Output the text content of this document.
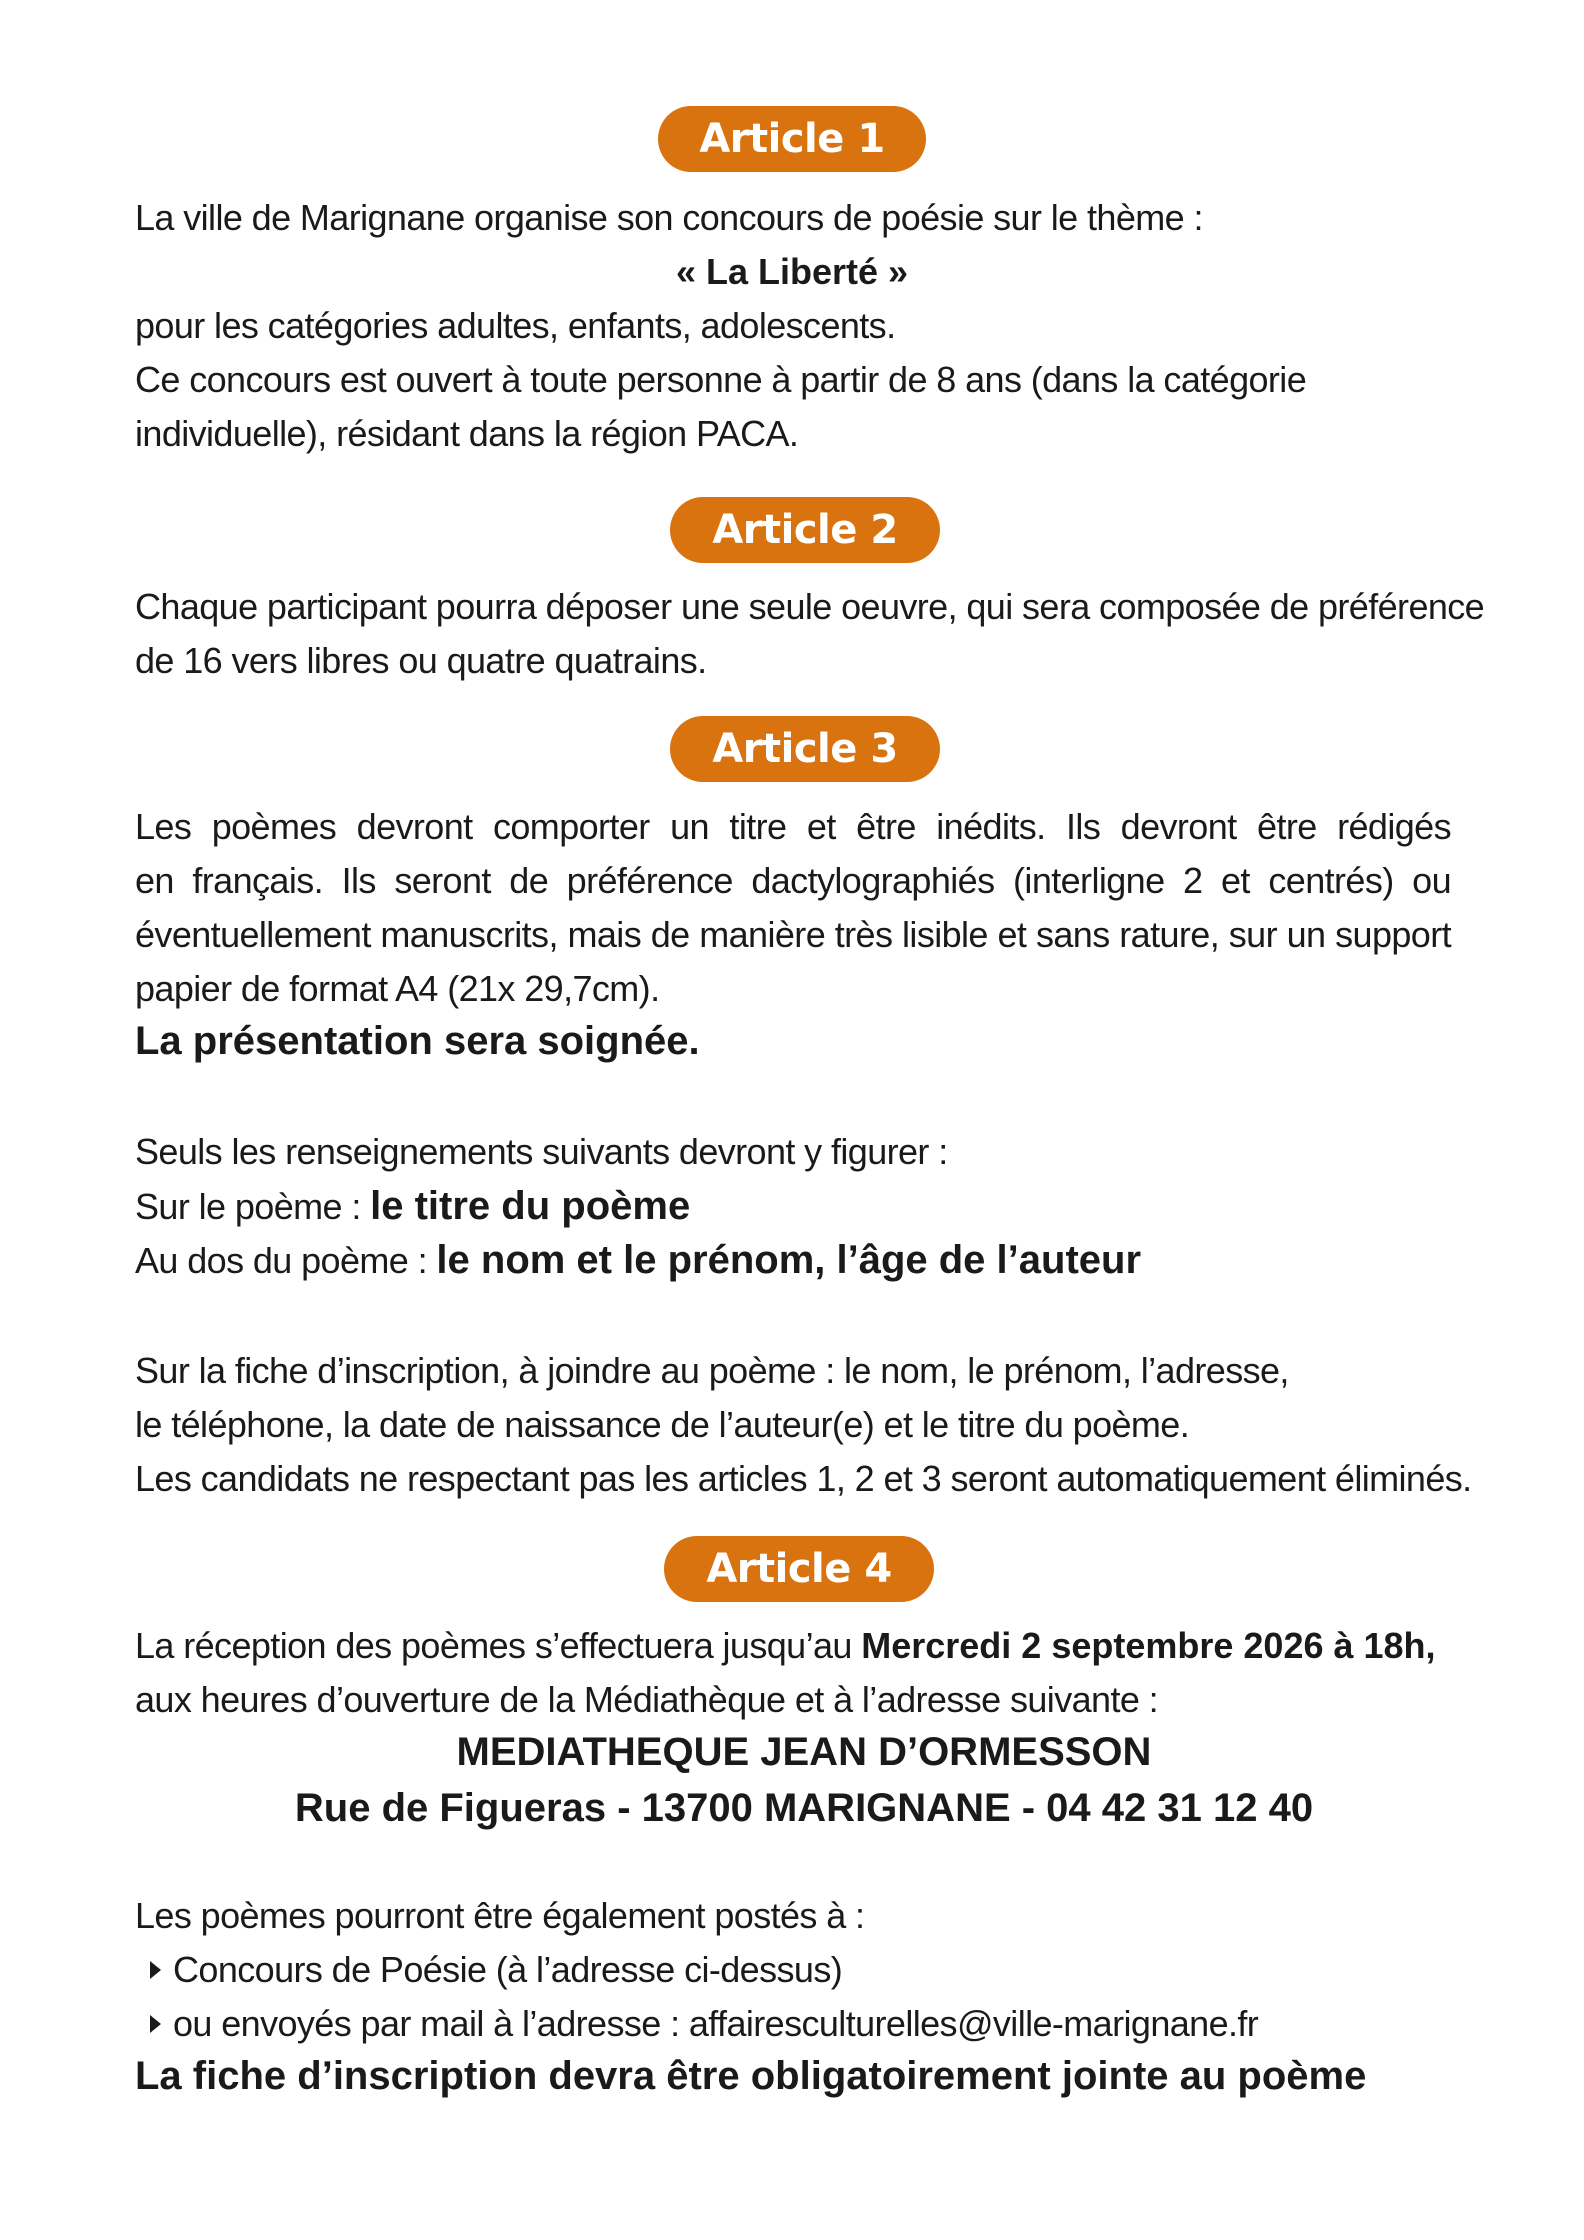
Article 1
La ville de Marignane organise son concours de poésie sur le thème :
« La Liberté »
pour les catégories adultes, enfants, adolescents.
Ce concours est ouvert à toute personne à partir de 8 ans (dans la catégorie
individuelle), résidant dans la région PACA.
Article 2
Chaque participant pourra déposer une seule oeuvre, qui sera composée de préférence
de 16 vers libres ou quatre quatrains.
Article 3
Les poèmes devront comporter un titre et être inédits. Ils devront être rédigés
en français. Ils seront de préférence dactylographiés (interligne 2 et centrés) ou
éventuellement manuscrits, mais de manière très lisible et sans rature, sur un support
papier de format A4 (21x 29,7cm).
La présentation sera soignée.
Seuls les renseignements suivants devront y figurer :
Sur le poème : le titre du poème
Au dos du poème : le nom et le prénom, l’âge de l’auteur
Sur la fiche d’inscription, à joindre au poème : le nom, le prénom, l’adresse,
le téléphone, la date de naissance de l’auteur(e) et le titre du poème.
Les candidats ne respectant pas les articles 1, 2 et 3 seront automatiquement éliminés.
Article 4
La réception des poèmes s’effectuera jusqu’au Mercredi 2 septembre 2026 à 18h,
aux heures d’ouverture de la Médiathèque et à l’adresse suivante :
MEDIATHEQUE JEAN D’ORMESSON
Rue de Figueras - 13700 MARIGNANE - 04 42 31 12 40
Les poèmes pourront être également postés à :
Concours de Poésie (à l’adresse ci-dessus)
ou envoyés par mail à l’adresse : affairesculturelles@ville-marignane.fr
La fiche d’inscription devra être obligatoirement jointe au poème
